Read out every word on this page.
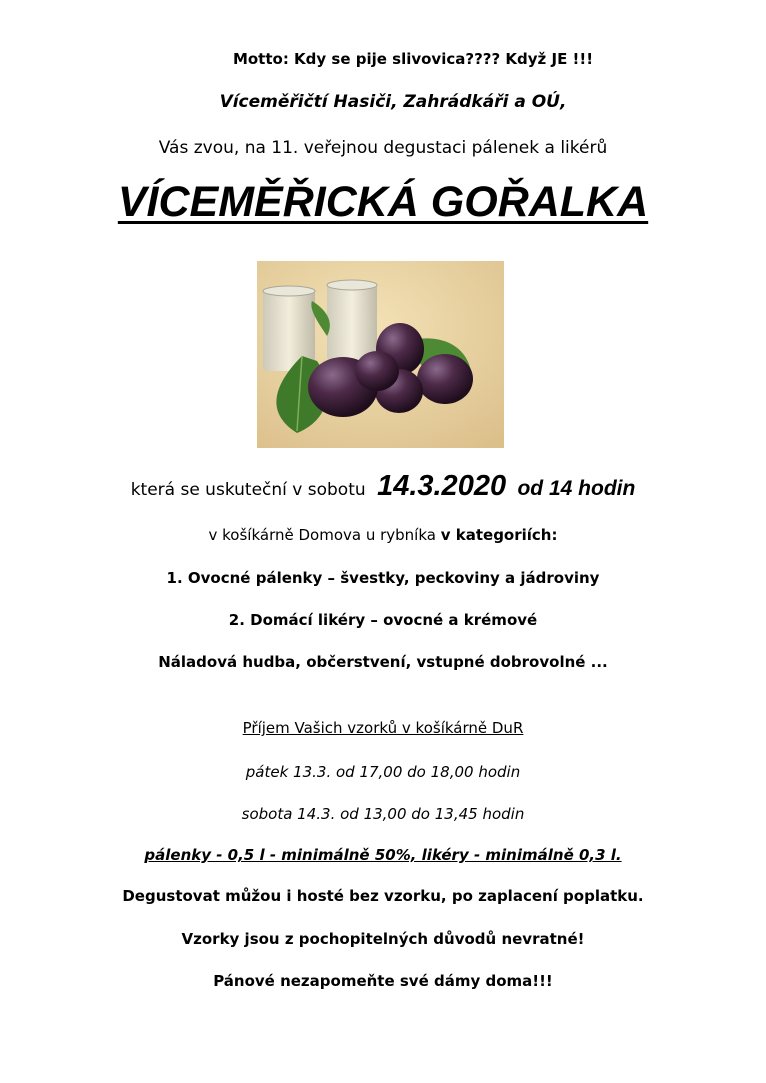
Motto: Kdy se pije slivovica???? Když JE !!!
Víceměřičtí Hasiči, Zahrádkáři a OÚ,
Vás zvou, na 11. veřejnou degustaci pálenek a likérů
VÍCEMĚŘICKÁ GOŘALKA
která se uskuteční v sobotu 14.3.2020 od 14 hodin
v košíkárně Domova u rybníka v kategoriích:
1. Ovocné pálenky – švestky, peckoviny a jádroviny
2. Domácí likéry – ovocné a krémové
Náladová hudba, občerstvení, vstupné dobrovolné ...
Příjem Vašich vzorků v košíkárně DuR
pátek 13.3. od 17,00 do 18,00 hodin
sobota 14.3. od 13,00 do 13,45 hodin
pálenky - 0,5 l - minimálně 50%, likéry - minimálně 0,3 l.
Degustovat můžou i hosté bez vzorku, po zaplacení poplatku.
Vzorky jsou z pochopitelných důvodů nevratné!
Pánové nezapomeňte své dámy doma!!!
